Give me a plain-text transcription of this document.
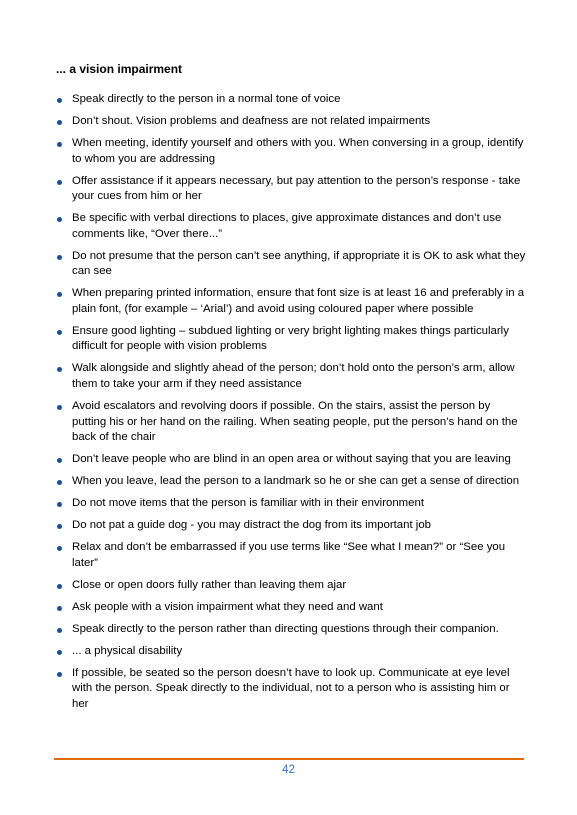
... a vision impairment
Speak directly to the person in a normal tone of voice
Don’t shout. Vision problems and deafness are not related impairments
When meeting, identify yourself and others with you. When conversing in a group, identify to whom you are addressing
Offer assistance if it appears necessary, but pay attention to the person’s response - take your cues from him or her
Be specific with verbal directions to places, give approximate distances and don’t use comments like, “Over there...”
Do not presume that the person can’t see anything, if appropriate it is OK to ask what they can see
When preparing printed information, ensure that font size is at least 16 and preferably in a plain font, (for example – ‘Arial’) and avoid using coloured paper where possible
Ensure good lighting – subdued lighting or very bright lighting makes things particularly difficult for people with vision problems
Walk alongside and slightly ahead of the person; don’t hold onto the person’s arm, allow them to take your arm if they need assistance
Avoid escalators and revolving doors if possible. On the stairs, assist the person by putting his or her hand on the railing. When seating people, put the person’s hand on the back of the chair
Don’t leave people who are blind in an open area or without saying that you are leaving
When you leave, lead the person to a landmark so he or she can get a sense of direction
Do not move items that the person is familiar with in their environment
Do not pat a guide dog - you may distract the dog from its important job
Relax and don’t be embarrassed if you use terms like “See what I mean?” or “See you later”
Close or open doors fully rather than leaving them ajar
Ask people with a vision impairment what they need and want
Speak directly to the person rather than directing questions through their companion.
... a physical disability
If possible, be seated so the person doesn’t have to look up. Communicate at eye level with the person. Speak directly to the individual, not to a person who is assisting him or her
42
